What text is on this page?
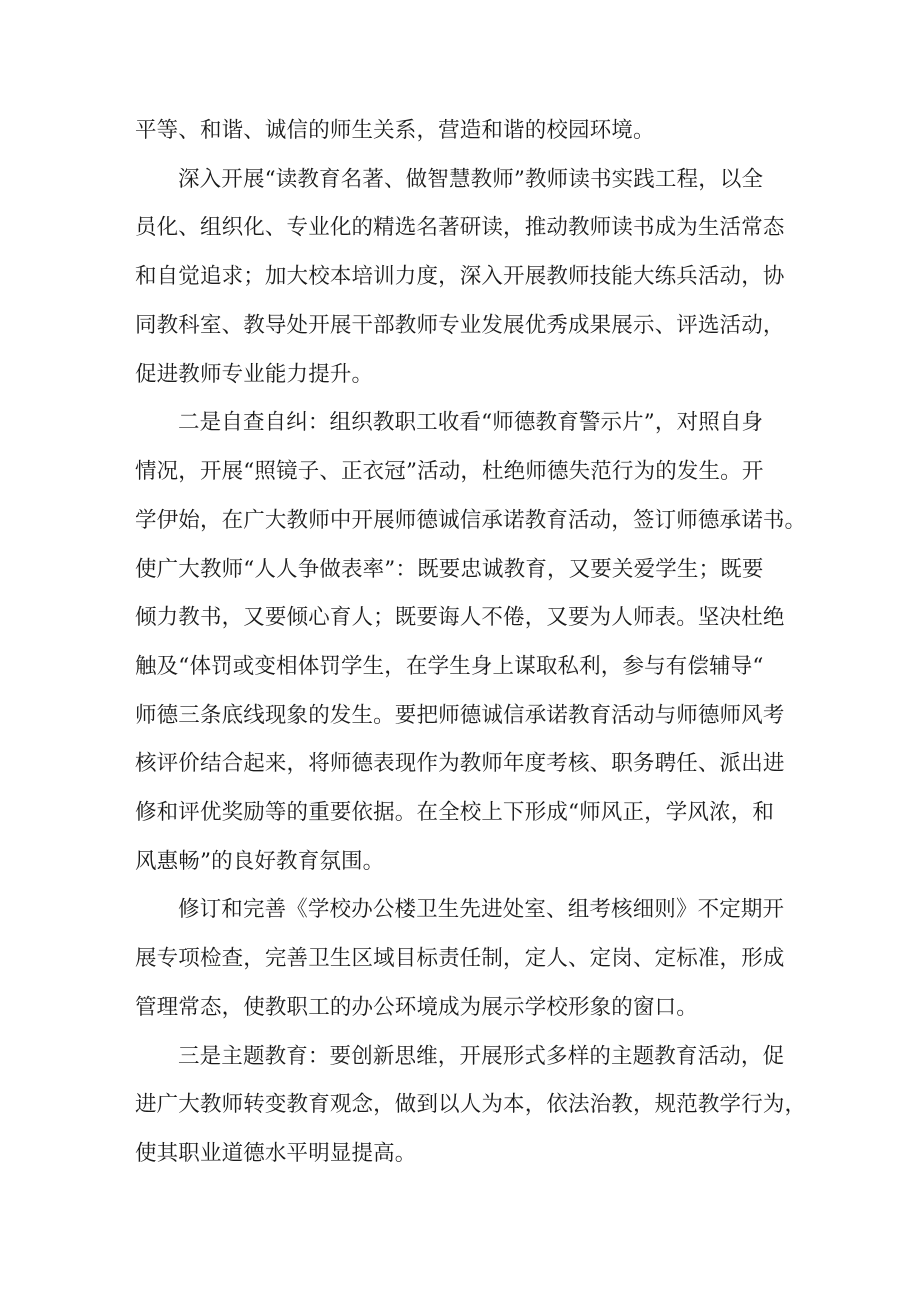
平等、和谐、诚信的师生关系，营造和谐的校园环境。

深入开展“读教育名著、做智慧教师”教师读书实践工程，以全

员化、组织化、专业化的精选名著研读，推动教师读书成为生活常态

和自觉追求；加大校本培训力度，深入开展教师技能大练兵活动，协

同教科室、教导处开展干部教师专业发展优秀成果展示、评选活动，

促进教师专业能力提升。

二是自查自纠：组织教职工收看“师德教育警示片”，对照自身

情况，开展“照镜子、正衣冠”活动，杜绝师德失范行为的发生。开

学伊始，在广大教师中开展师德诚信承诺教育活动，签订师德承诺书。

使广大教师“人人争做表率”：既要忠诚教育，又要关爱学生；既要

倾力教书，又要倾心育人；既要诲人不倦，又要为人师表。坚决杜绝

触及“体罚或变相体罚学生，在学生身上谋取私利，参与有偿辅导“

师德三条底线现象的发生。要把师德诚信承诺教育活动与师德师风考

核评价结合起来，将师德表现作为教师年度考核、职务聘任、派出进

修和评优奖励等的重要依据。在全校上下形成“师风正，学风浓，和

风惠畅”的良好教育氛围。

修订和完善《学校办公楼卫生先进处室、组考核细则》不定期开

展专项检查，完善卫生区域目标责任制，定人、定岗、定标准，形成

管理常态，使教职工的办公环境成为展示学校形象的窗口。

三是主题教育：要创新思维，开展形式多样的主题教育活动，促

进广大教师转变教育观念，做到以人为本，依法治教，规范教学行为，

使其职业道德水平明显提高。
